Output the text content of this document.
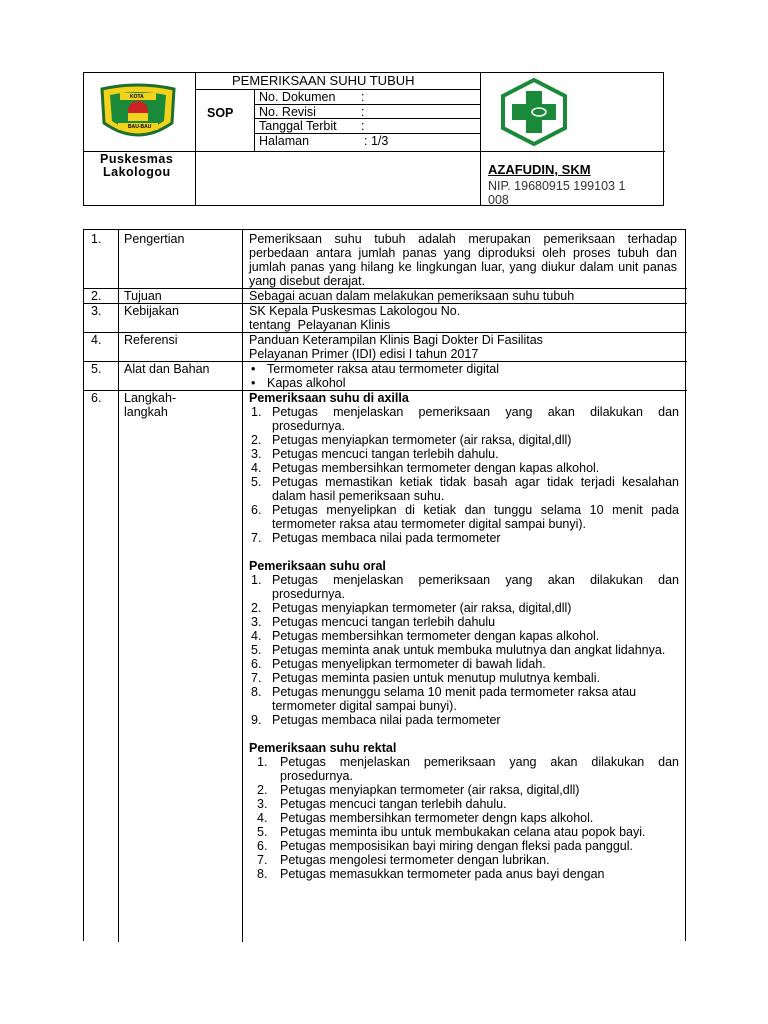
KOTA
BAU-BAU
PEMERIKSAAN SUHU TUBUH
SOP
No. Dokumen :
No. Revisi	:
Tanggal Terbit :
Halaman	: 1/3
Puskesmas
Lakologou	AZAFUDIN, SKM
NIP. 19680915 199103 1
008
1.	Pengertian	Pemeriksaan suhu tubuh adalah merupakan pemeriksaan terhadap perbedaan antara jumlah panas yang diproduksi oleh proses tubuh dan jumlah panas yang hilang ke lingkungan luar, yang diukur dalam unit panas yang disebut derajat.
2.	Tujuan	Sebagai acuan dalam melakukan pemeriksaan suhu tubuh
3.	Kebijakan	SK Kepala Puskesmas Lakologou No.
tentang  Pelayanan Klinis
4.	Referensi	Panduan Keterampilan Klinis Bagi Dokter Di Fasilitas
Pelayanan Primer (IDI) edisi I tahun 2017
5.	Alat dan Bahan	• Termometer raksa atau termometer digital
• Kapas alkohol
6.	Langkah-
langkah
Pemeriksaan suhu di axilla
1. Petugas menjelaskan pemeriksaan yang akan dilakukan dan prosedurnya.
2. Petugas menyiapkan termometer (air raksa, digital,dll)
3. Petugas mencuci tangan terlebih dahulu.
4. Petugas membersihkan termometer dengan kapas alkohol.
5. Petugas memastikan ketiak tidak basah agar tidak terjadi kesalahan dalam hasil pemeriksaan suhu.
6. Petugas menyelipkan di ketiak dan tunggu selama 10 menit pada termometer raksa atau termometer digital sampai bunyi).
7. Petugas membaca nilai pada termometer
Pemeriksaan suhu oral
1. Petugas menjelaskan pemeriksaan yang akan dilakukan dan prosedurnya.
2. Petugas menyiapkan termometer (air raksa, digital,dll)
3. Petugas mencuci tangan terlebih dahulu
4. Petugas membersihkan termometer dengan kapas alkohol.
5. Petugas meminta anak untuk membuka mulutnya dan angkat lidahnya.
6. Petugas menyelipkan termometer di bawah lidah.
7. Petugas meminta pasien untuk menutup mulutnya kembali.
8. Petugas menunggu selama 10 menit pada termometer raksa atau termometer digital sampai bunyi).
9. Petugas membaca nilai pada termometer
Pemeriksaan suhu rektal
1. Petugas menjelaskan pemeriksaan yang akan dilakukan dan prosedurnya.
2. Petugas menyiapkan termometer (air raksa, digital,dll)
3. Petugas mencuci tangan terlebih dahulu.
4. Petugas membersihkan termometer dengn kaps alkohol.
5. Petugas meminta ibu untuk membukakan celana atau popok bayi.
6. Petugas memposisikan bayi miring dengan fleksi pada panggul.
7. Petugas mengolesi termometer dengan lubrikan.
8. Petugas memasukkan termometer pada anus bayi dengan
